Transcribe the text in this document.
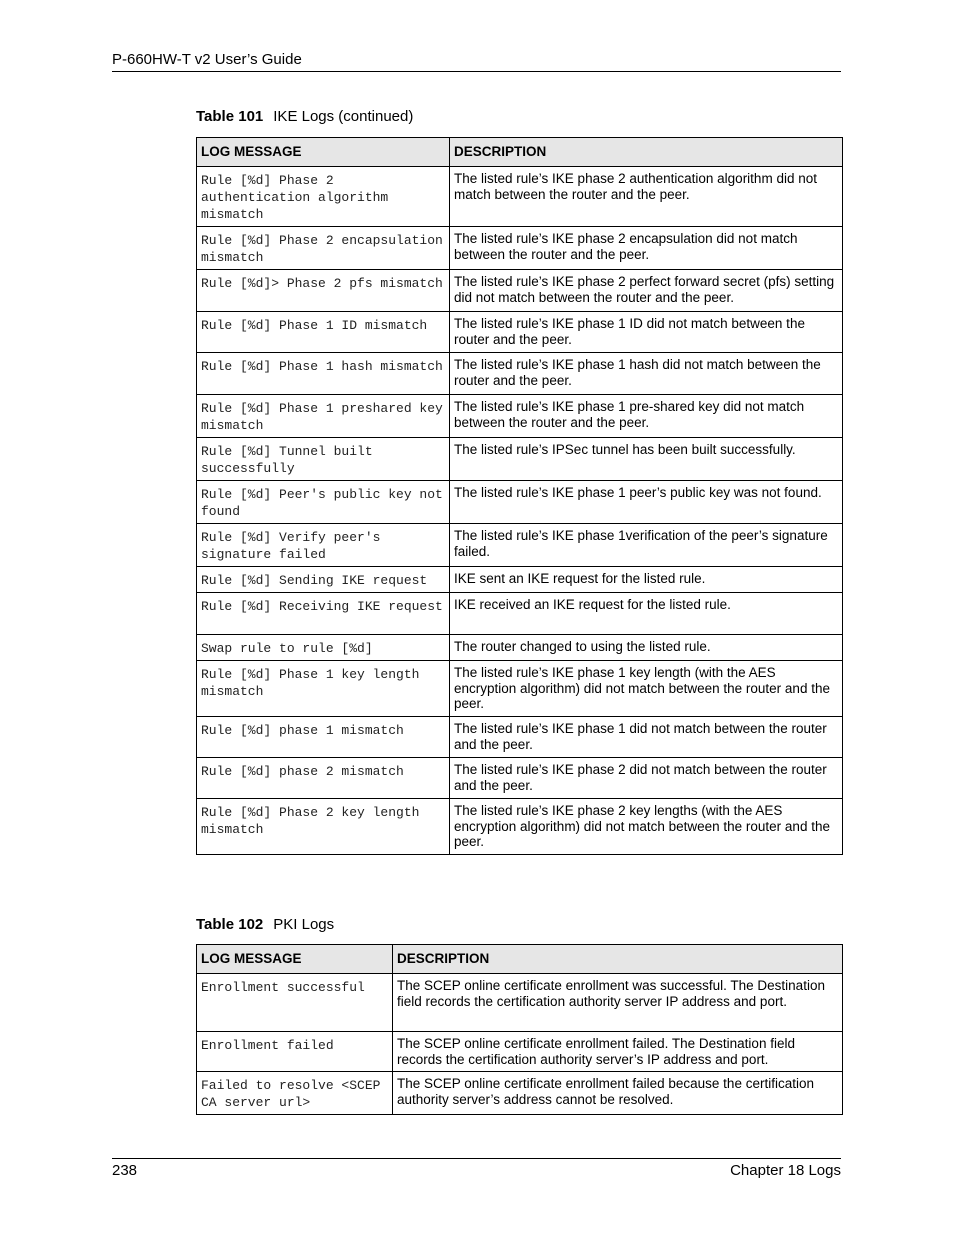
P-660HW-T v2 User’s Guide
Table 101 IKE Logs (continued)
LOG MESSAGE	DESCRIPTION
Rule [%d] Phase 2 authentication algorithm mismatch	The listed rule’s IKE phase 2 authentication algorithm did not match between the router and the peer.
Rule [%d] Phase 2 encapsulation mismatch	The listed rule’s IKE phase 2 encapsulation did not match between the router and the peer.
Rule [%d]> Phase 2 pfs mismatch	The listed rule’s IKE phase 2 perfect forward secret (pfs) setting did not match between the router and the peer.
Rule [%d] Phase 1 ID mismatch	The listed rule’s IKE phase 1 ID did not match between the router and the peer.
Rule [%d] Phase 1 hash mismatch	The listed rule’s IKE phase 1 hash did not match between the router and the peer.
Rule [%d] Phase 1 preshared key mismatch	The listed rule’s IKE phase 1 pre-shared key did not match between the router and the peer.
Rule [%d] Tunnel built successfully	The listed rule’s IPSec tunnel has been built successfully.
Rule [%d] Peer's public key not found	The listed rule’s IKE phase 1 peer’s public key was not found.
Rule [%d] Verify peer's signature failed	The listed rule’s IKE phase 1verification of the peer’s signature failed.
Rule [%d] Sending IKE request	IKE sent an IKE request for the listed rule.
Rule [%d] Receiving IKE request	IKE received an IKE request for the listed rule.
Swap rule to rule [%d]	The router changed to using the listed rule.
Rule [%d] Phase 1 key length mismatch	The listed rule’s IKE phase 1 key length (with the AES encryption algorithm) did not match between the router and the peer.
Rule [%d] phase 1 mismatch	The listed rule’s IKE phase 1 did not match between the router and the peer.
Rule [%d] phase 2 mismatch	The listed rule’s IKE phase 2 did not match between the router and the peer.
Rule [%d] Phase 2 key length mismatch	The listed rule’s IKE phase 2 key lengths (with the AES encryption algorithm) did not match between the router and the peer.
Table 102 PKI Logs
LOG MESSAGE	DESCRIPTION
Enrollment successful	The SCEP online certificate enrollment was successful. The Destination field records the certification authority server IP address and port.
Enrollment failed	The SCEP online certificate enrollment failed. The Destination field records the certification authority server’s IP address and port.
Failed to resolve <SCEP CA server url>	The SCEP online certificate enrollment failed because the certification authority server’s address cannot be resolved.
238	Chapter 18 Logs
